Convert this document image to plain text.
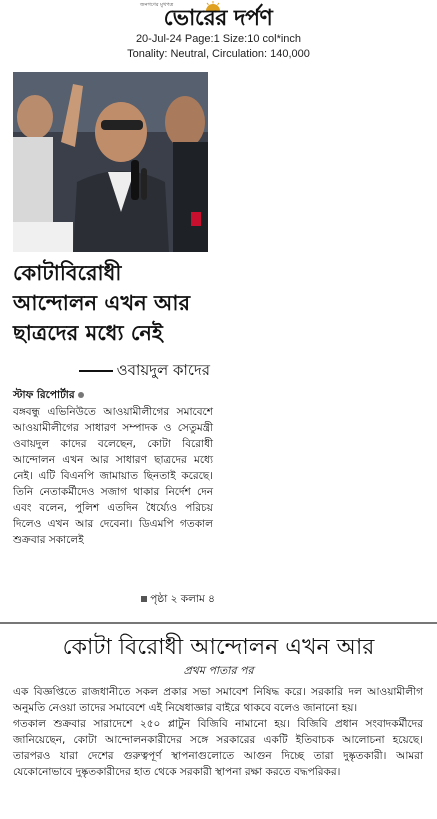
জনগণের মুখপত্র
ভোরের দর্পণ
20-Jul-24 Page:1 Size:10 col*inch
Tonality: Neutral, Circulation: 140,000
কোটাবিরোধী
আন্দোলন এখন আর
ছাত্রদের মধ্যে নেই
ওবায়দুল কাদের
স্টাফ রিপোর্টার
বঙ্গবন্ধু এভিনিউতে আওয়ামীলীগের সমাবেশে আওয়ামীলীগের সাধারণ সম্পাদক ও সেতুমন্ত্রী ওবায়দুল কাদের বলেছেন, কোটা বিরোধী আন্দোলন এখন আর সাধারণ ছাত্রদের মধ্যে নেই। এটি বিএনপি জামায়াত ছিনতাই করেছে। তিনি নেতাকর্মীদেও সজাগ থাকার নির্দেশ দেন এবং বলেন, পুলিশ এতদিন ধৈর্য্যেও পরিচয় দিলেও এখন আর দেবেনা। ডিএমপি গতকাল শুক্রবার সকালেই
পৃষ্ঠা ২ কলাম ৪
কোটা বিরোধী আন্দোলন এখন আর
প্রথম পাতার পর

এক বিজ্ঞপ্তিতে রাজধানীতে সকল প্রকার সভা সমাবেশ নিষিদ্ধ করে। সরকারি দল আওয়ামীলীগ অনুমতি নেওয়া তাদের সমাবেশে এই নিষেধাজ্ঞার বাইরে থাকবে বলেও জানানো হয়।

গতকাল শুক্রবার সারাদেশে ২৫০ প্লাটুন বিজিবি নামানো হয়। বিজিবি প্রধান সংবাদকর্মীদের জানিয়েছেন, কোটা আন্দোলনকারীদের সঙ্গে সরকারের একটি ইতিবাচক আলোচনা হয়েছে। তারপরও যারা দেশের গুরুত্বপূর্ণ স্থাপনাগুলোতে আগুন দিচ্ছে তারা দুষ্কৃতকারী। আমরা যেকোনোভাবে দুষ্কৃতকারীদের হাত থেকে সরকারী স্থাপনা রক্ষা করতে বদ্ধপরিকর।
